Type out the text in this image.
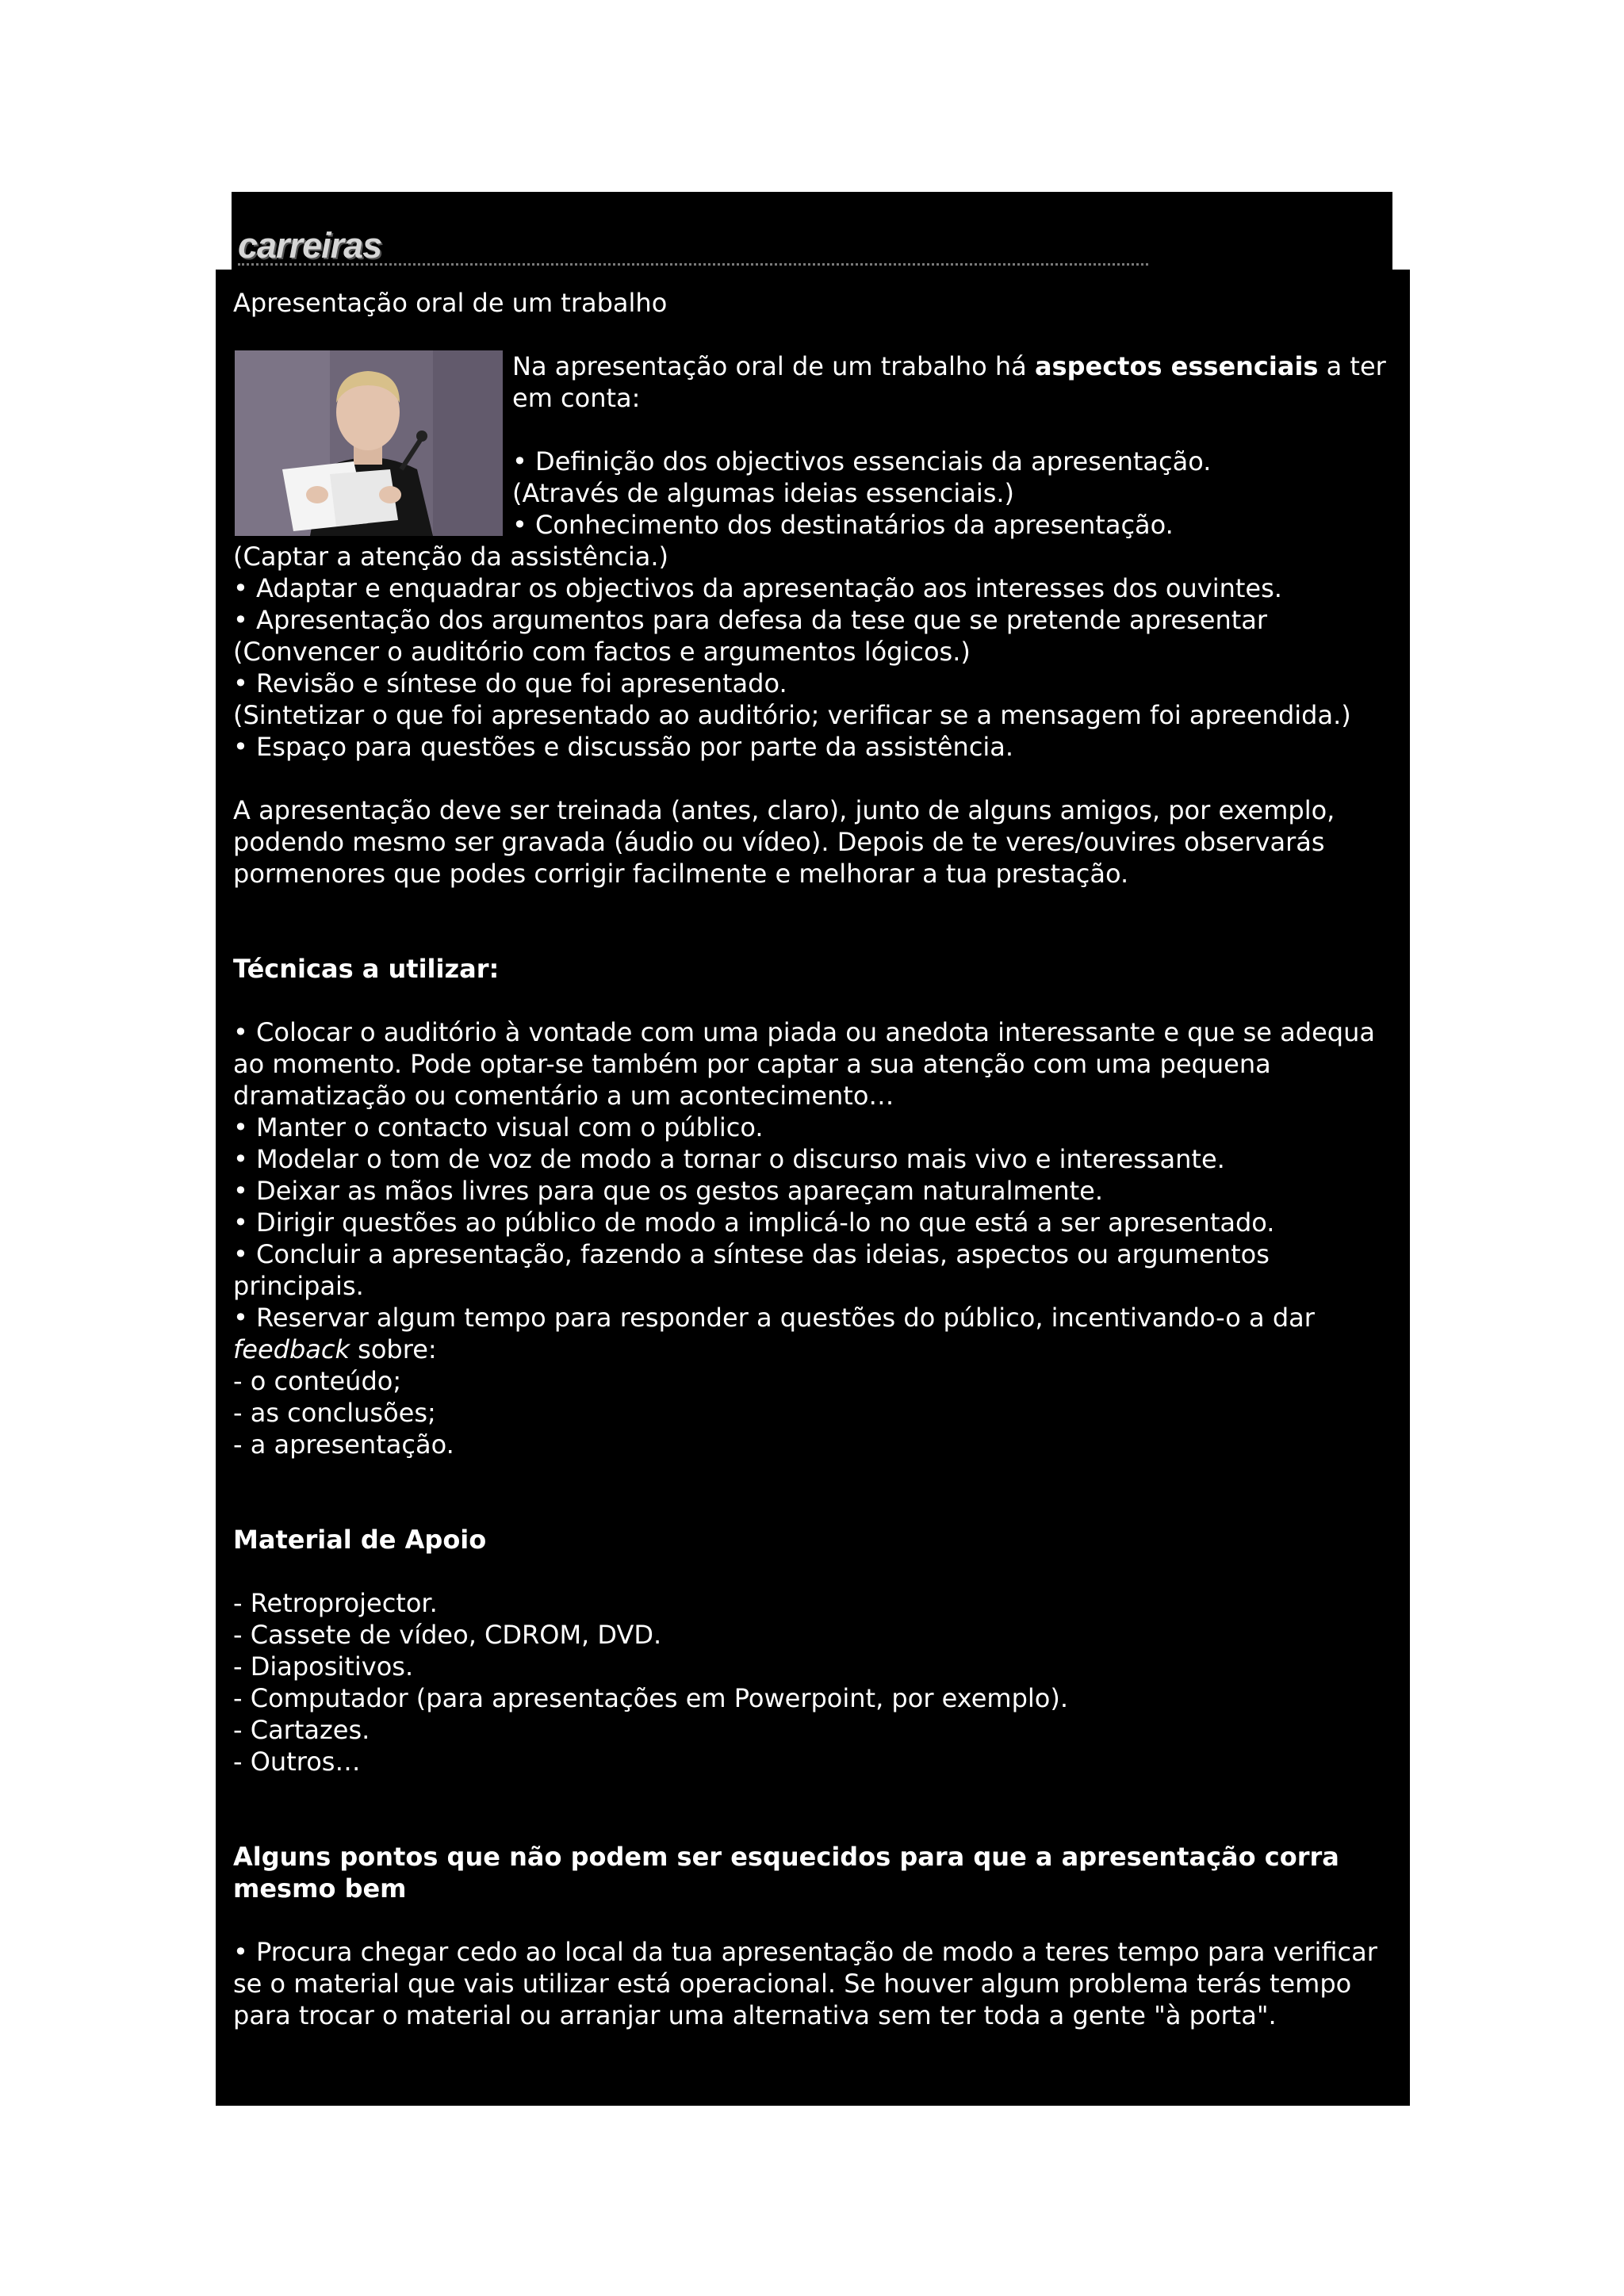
carreiras

Apresentação oral de um trabalho

Na apresentação oral de um trabalho há aspectos essenciais a ter em conta:

• Definição dos objectivos essenciais da apresentação.

(Através de algumas ideias essenciais.)

• Conhecimento dos destinatários da apresentação.

(Captar a atenção da assistência.)

• Adaptar e enquadrar os objectivos da apresentação aos interesses dos ouvintes.

• Apresentação dos argumentos para defesa da tese que se pretende apresentar

(Convencer o auditório com factos e argumentos lógicos.)

• Revisão e síntese do que foi apresentado.

(Sintetizar o que foi apresentado ao auditório; verificar se a mensagem foi apreendida.)

• Espaço para questões e discussão por parte da assistência.

A apresentação deve ser treinada (antes, claro), junto de alguns amigos, por exemplo, podendo mesmo ser gravada (áudio ou vídeo). Depois de te veres/ouvires observarás pormenores que podes corrigir facilmente e melhorar a tua prestação.

Técnicas a utilizar:

• Colocar o auditório à vontade com uma piada ou anedota interessante e que se adequa ao momento. Pode optar-se também por captar a sua atenção com uma pequena dramatização ou comentário a um acontecimento…

• Manter o contacto visual com o público.

• Modelar o tom de voz de modo a tornar o discurso mais vivo e interessante.

• Deixar as mãos livres para que os gestos apareçam naturalmente.

• Dirigir questões ao público de modo a implicá-lo no que está a ser apresentado.

• Concluir a apresentação, fazendo a síntese das ideias, aspectos ou argumentos principais.

• Reservar algum tempo para responder a questões do público, incentivando-o a dar feedback sobre:

- o conteúdo;

- as conclusões;

- a apresentação.

Material de Apoio

- Retroprojector.

- Cassete de vídeo, CDROM, DVD.

- Diapositivos.

- Computador (para apresentações em Powerpoint, por exemplo).

- Cartazes.

- Outros…

Alguns pontos que não podem ser esquecidos para que a apresentação corra mesmo bem

• Procura chegar cedo ao local da tua apresentação de modo a teres tempo para verificar se o material que vais utilizar está operacional. Se houver algum problema terás tempo para trocar o material ou arranjar uma alternativa sem ter toda a gente "à porta".
